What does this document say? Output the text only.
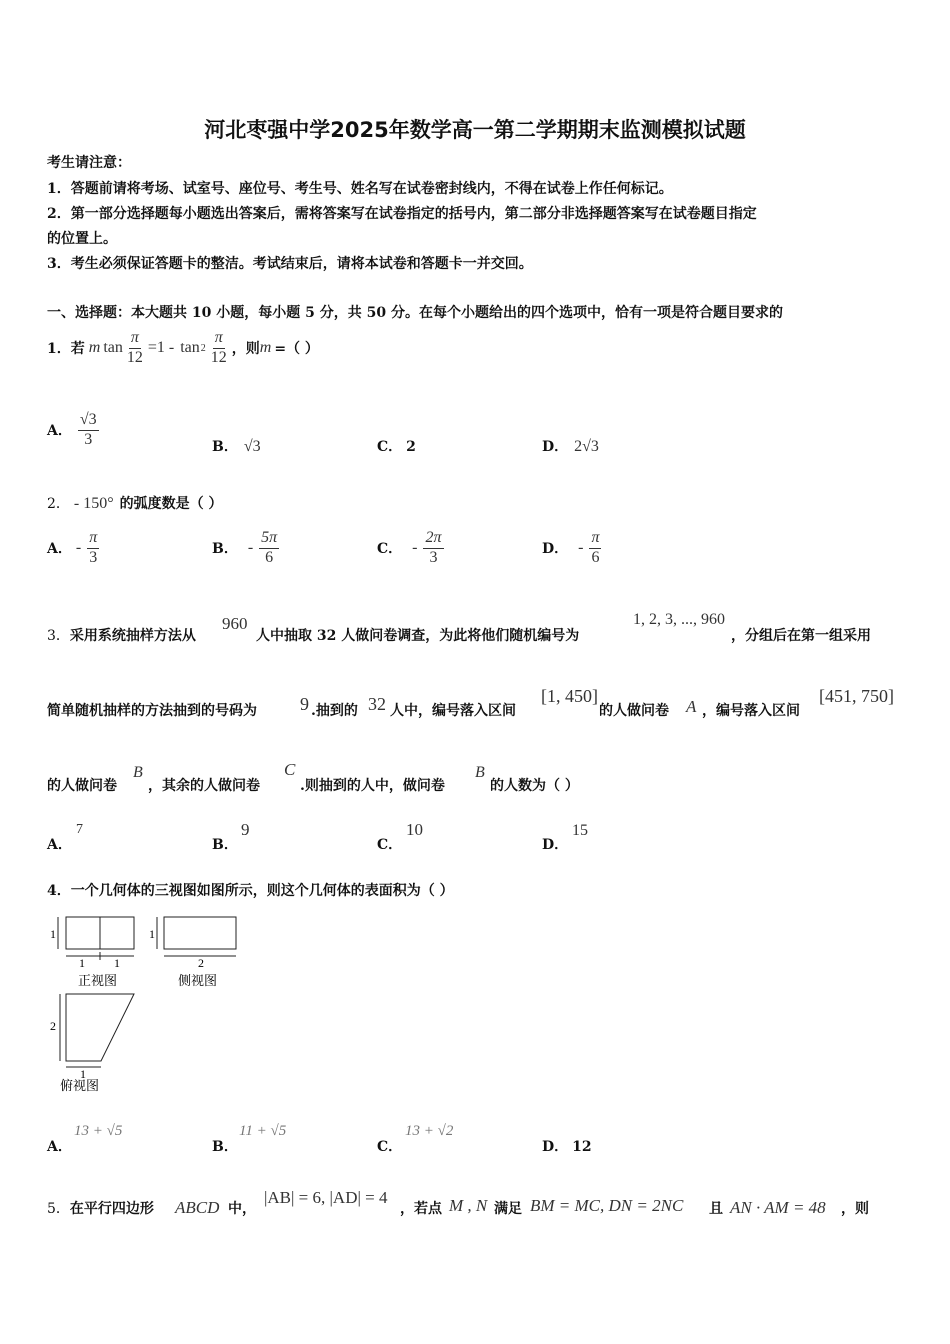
河北枣强中学2025年数学高一第二学期期末监测模拟试题
考生请注意：
1．答题前请将考场、试室号、座位号、考生号、姓名写在试卷密封线内，不得在试卷上作任何标记。
2．第一部分选择题每小题选出答案后，需将答案写在试卷指定的括号内，第二部分非选择题答案写在试卷题目指定
的位置上。
3．考生必须保证答题卡的整洁。考试结束后，请将本试卷和答题卡一并交回。
一、选择题：本大题共 10 小题，每小题 5 分，共 50 分。在每个小题给出的四个选项中，恰有一项是符合题目要求的
1．若 m $\tan \frac{\pi}{12} =1 - \tan 2 \frac{\pi}{12}$ ，则 m =（ ）
A． $\frac{√3}{3}$	B． √3	C． 2	D． 2√3
2． - 150° 的弧度数是（ ）
A． - $\frac{\pi}{3}$	B． - $\frac{5\pi}{6}$	C． - $\frac{2\pi}{3}$	D． - $\frac{\pi}{6}$
3．采用系统抽样方法从
960
人中抽取 32 人做问卷调查，为此将他们随机编号为
1, 2, 3, ..., 960
，分组后在第一组采用
简单随机抽样的方法抽到的号码为 9 .抽到的 32 人中，编号落入区间
[1, 450]
的人做问卷 A ，编号落入区间
[451, 750]
的人做问卷
B
，其余的人做问卷
C
.则抽到的人中，做问卷
B
的人数为（ ）
A．
7
B．
9
C．
10
D．
15
4．一个几何体的三视图如图所示，则这个几何体的表面积为（ ）
1
1 1
正视图
1
2
侧视图
2
1
俯视图
A．
13 + √5
B．
11 + √5
C．
13 + √2
D． 12
5．在平行四边形 ABCD 中，
|AB| = 6, |AD| = 4
，若点 M , N 满足 BM = MC, DN = 2NC 且 AN · AM = 48 ，则
